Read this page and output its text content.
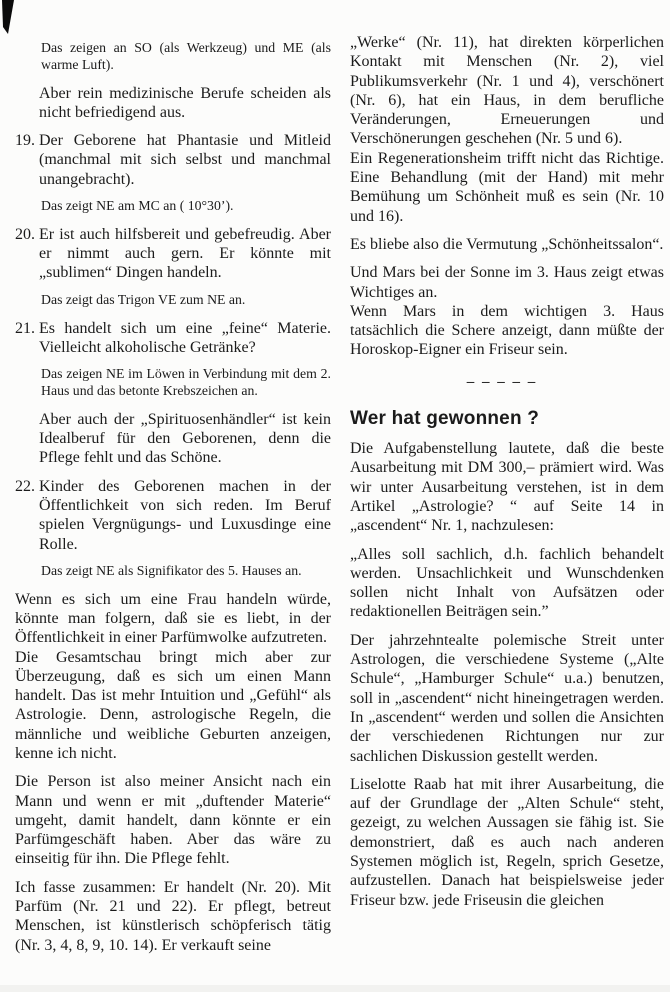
Das zeigen an SO (als Werkzeug) und ME (als warme Luft).
Aber rein medizinische Berufe scheiden als nicht befriedigend aus.
19. Der Geborene hat Phantasie und Mitleid (manchmal mit sich selbst und manchmal unangebracht).
Das zeigt NE am MC an ( 10°30’).
20. Er ist auch hilfsbereit und gebefreudig. Aber er nimmt auch gern. Er könnte mit „sublimen“ Dingen handeln.
Das zeigt das Trigon VE zum NE an.
21. Es handelt sich um eine „feine“ Materie. Vielleicht alkoholische Getränke?
Das zeigen NE im Löwen in Verbindung mit dem 2. Haus und das betonte Krebszeichen an.
Aber auch der „Spirituosenhändler“ ist kein Idealberuf für den Geborenen, denn die Pflege fehlt und das Schöne.
22. Kinder des Geborenen machen in der Öffentlichkeit von sich reden. Im Beruf spielen Vergnügungs- und Luxusdinge eine Rolle.
Das zeigt NE als Signifikator des 5. Hauses an.
Wenn es sich um eine Frau handeln würde, könnte man folgern, daß sie es liebt, in der Öffentlichkeit in einer Parfümwolke aufzutreten.
Die Gesamtschau bringt mich aber zur Überzeugung, daß es sich um einen Mann handelt. Das ist mehr Intuition und „Gefühl“ als Astrologie. Denn, astrologische Regeln, die männliche und weibliche Geburten anzeigen, kenne ich nicht.
Die Person ist also meiner Ansicht nach ein Mann und wenn er mit „duftender Materie“ umgeht, damit handelt, dann könnte er ein Parfümgeschäft haben. Aber das wäre zu einseitig für ihn. Die Pflege fehlt.
Ich fasse zusammen: Er handelt (Nr. 20). Mit Parfüm (Nr. 21 und 22). Er pflegt, betreut Menschen, ist künstlerisch schöpferisch tätig (Nr. 3, 4, 8, 9, 10. 14). Er verkauft seine
„Werke“ (Nr. 11), hat direkten körperlichen Kontakt mit Menschen (Nr. 2), viel Publikumsverkehr (Nr. 1 und 4), verschönert (Nr. 6), hat ein Haus, in dem berufliche Veränderungen, Erneuerungen und Verschönerungen geschehen (Nr. 5 und 6).
Ein Regenerationsheim trifft nicht das Richtige. Eine Behandlung (mit der Hand) mit mehr Bemühung um Schönheit muß es sein (Nr. 10 und 16).
Es bliebe also die Vermutung „Schönheitssalon“.
Und Mars bei der Sonne im 3. Haus zeigt etwas Wichtiges an.
Wenn Mars in dem wichtigen 3. Haus tatsächlich die Schere anzeigt, dann müßte der Horoskop-Eigner ein Friseur sein.
– – – – –
Wer hat gewonnen ?
Die Aufgabenstellung lautete, daß die beste Ausarbeitung mit DM 300,– prämiert wird. Was wir unter Ausarbeitung verstehen, ist in dem Artikel „Astrologie? “ auf Seite 14 in „ascendent“ Nr. 1, nachzulesen:
„Alles soll sachlich, d.h. fachlich behandelt werden. Unsachlichkeit und Wunschdenken sollen nicht Inhalt von Aufsätzen oder redaktionellen Beiträgen sein.”
Der jahrzehntealte polemische Streit unter Astrologen, die verschiedene Systeme („Alte Schule“, „Hamburger Schule“ u.a.) benutzen, soll in „ascendent“ nicht hineingetragen werden. In „ascendent“ werden und sollen die Ansichten der verschiedenen Richtungen nur zur sachlichen Diskussion gestellt werden.
Liselotte Raab hat mit ihrer Ausarbeitung, die auf der Grundlage der „Alten Schule“ steht, gezeigt, zu welchen Aussagen sie fähig ist. Sie demonstriert, daß es auch nach anderen Systemen möglich ist, Regeln, sprich Gesetze, aufzustellen. Danach hat beispielsweise jeder Friseur bzw. jede Friseusin die gleichen
